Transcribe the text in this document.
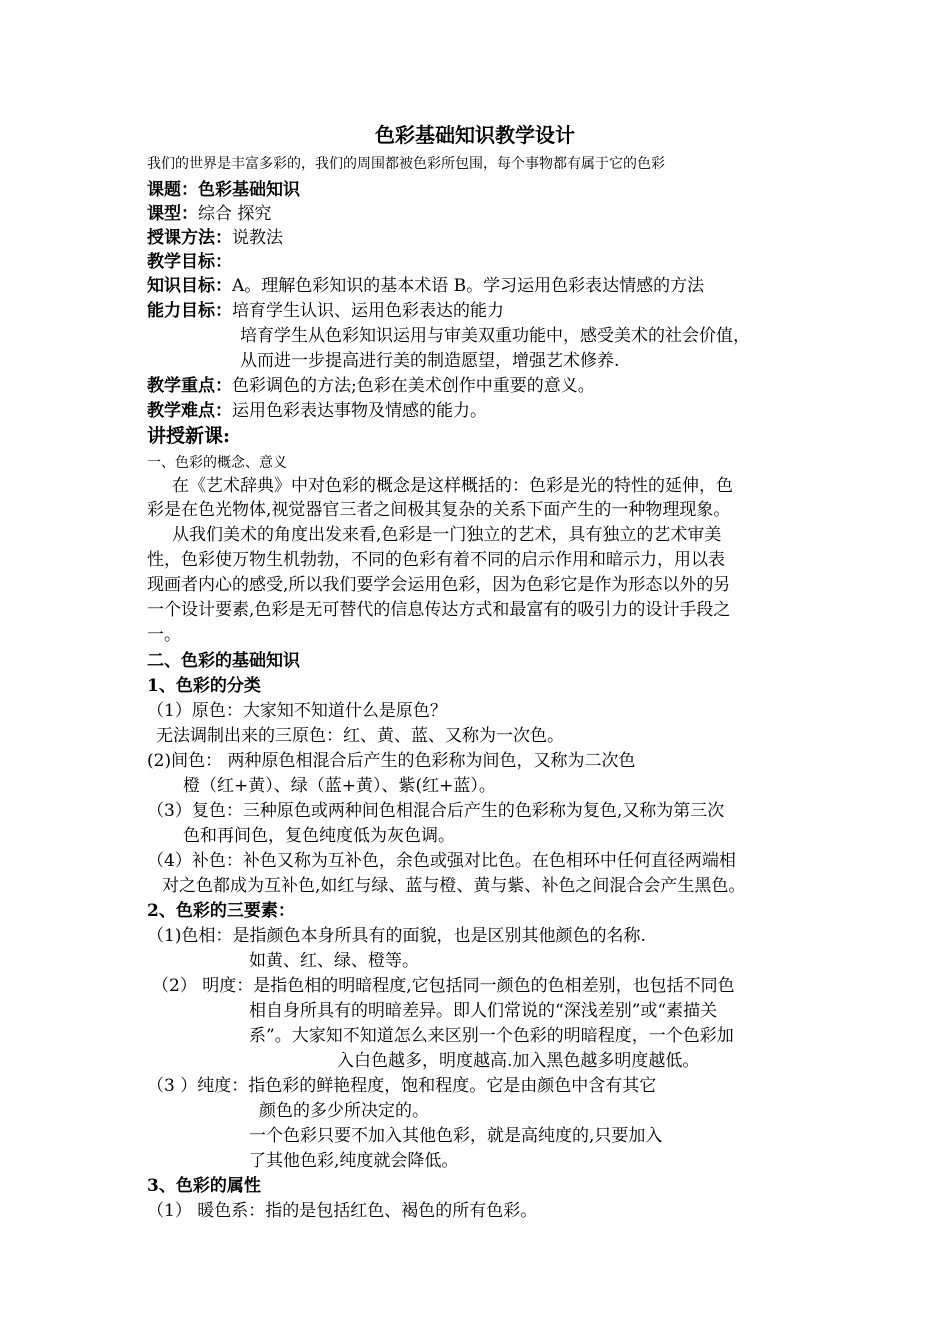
色彩基础知识教学设计
我们的世界是丰富多彩的，我们的周围都被色彩所包围，每个事物都有属于它的色彩
课题：色彩基础知识
课型：综合 探究
授课方法：说教法
教学目标：
知识目标：A。理解色彩知识的基本术语 B。学习运用色彩表达情感的方法
能力目标：培育学生认识、运用色彩表达的能力
培育学生从色彩知识运用与审美双重功能中，感受美术的社会价值，
从而进一步提高进行美的制造愿望，增强艺术修养.
教学重点：色彩调色的方法;色彩在美术创作中重要的意义。
教学难点：运用色彩表达事物及情感的能力。
讲授新课:
一、色彩的概念、意义
在《艺术辞典》中对色彩的概念是这样概括的：色彩是光的特性的延伸，色
彩是在色光物体,视觉器官三者之间极其复杂的关系下面产生的一种物理现象。
从我们美术的角度出发来看,色彩是一门独立的艺术，具有独立的艺术审美
性，色彩使万物生机勃勃，不同的色彩有着不同的启示作用和暗示力，用以表
现画者内心的感受,所以我们要学会运用色彩，因为色彩它是作为形态以外的另
一个设计要素,色彩是无可替代的信息传达方式和最富有的吸引力的设计手段之
一。
二、色彩的基础知识
1、色彩的分类
（1）原色：大家知不知道什么是原色？
无法调制出来的三原色：红、黄、蓝、又称为一次色。
(2)间色： 两种原色相混合后产生的色彩称为间色，又称为二次色
橙（红+黄）、绿（蓝+黄）、紫(红+蓝）。
（3）复色：三种原色或两种间色相混合后产生的色彩称为复色,又称为第三次
色和再间色，复色纯度低为灰色调。
（4）补色：补色又称为互补色，余色或强对比色。在色相环中任何直径两端相
对之色都成为互补色,如红与绿、蓝与橙、黄与紫、补色之间混合会产生黑色。
2、色彩的三要素：
（1)色相：是指颜色本身所具有的面貌，也是区别其他颜色的名称.
如黄、红、绿、橙等。
（2） 明度：是指色相的明暗程度,它包括同一颜色的色相差别，也包括不同色
相自身所具有的明暗差异。即人们常说的“深浅差别”或“素描关
系”。大家知不知道怎么来区别一个色彩的明暗程度，一个色彩加
入白色越多，明度越高.加入黑色越多明度越低。
（3 ）纯度：指色彩的鲜艳程度，饱和程度。它是由颜色中含有其它
颜色的多少所决定的。
一个色彩只要不加入其他色彩，就是高纯度的,只要加入
了其他色彩,纯度就会降低。
3、色彩的属性
（1） 暖色系：指的是包括红色、褐色的所有色彩。
